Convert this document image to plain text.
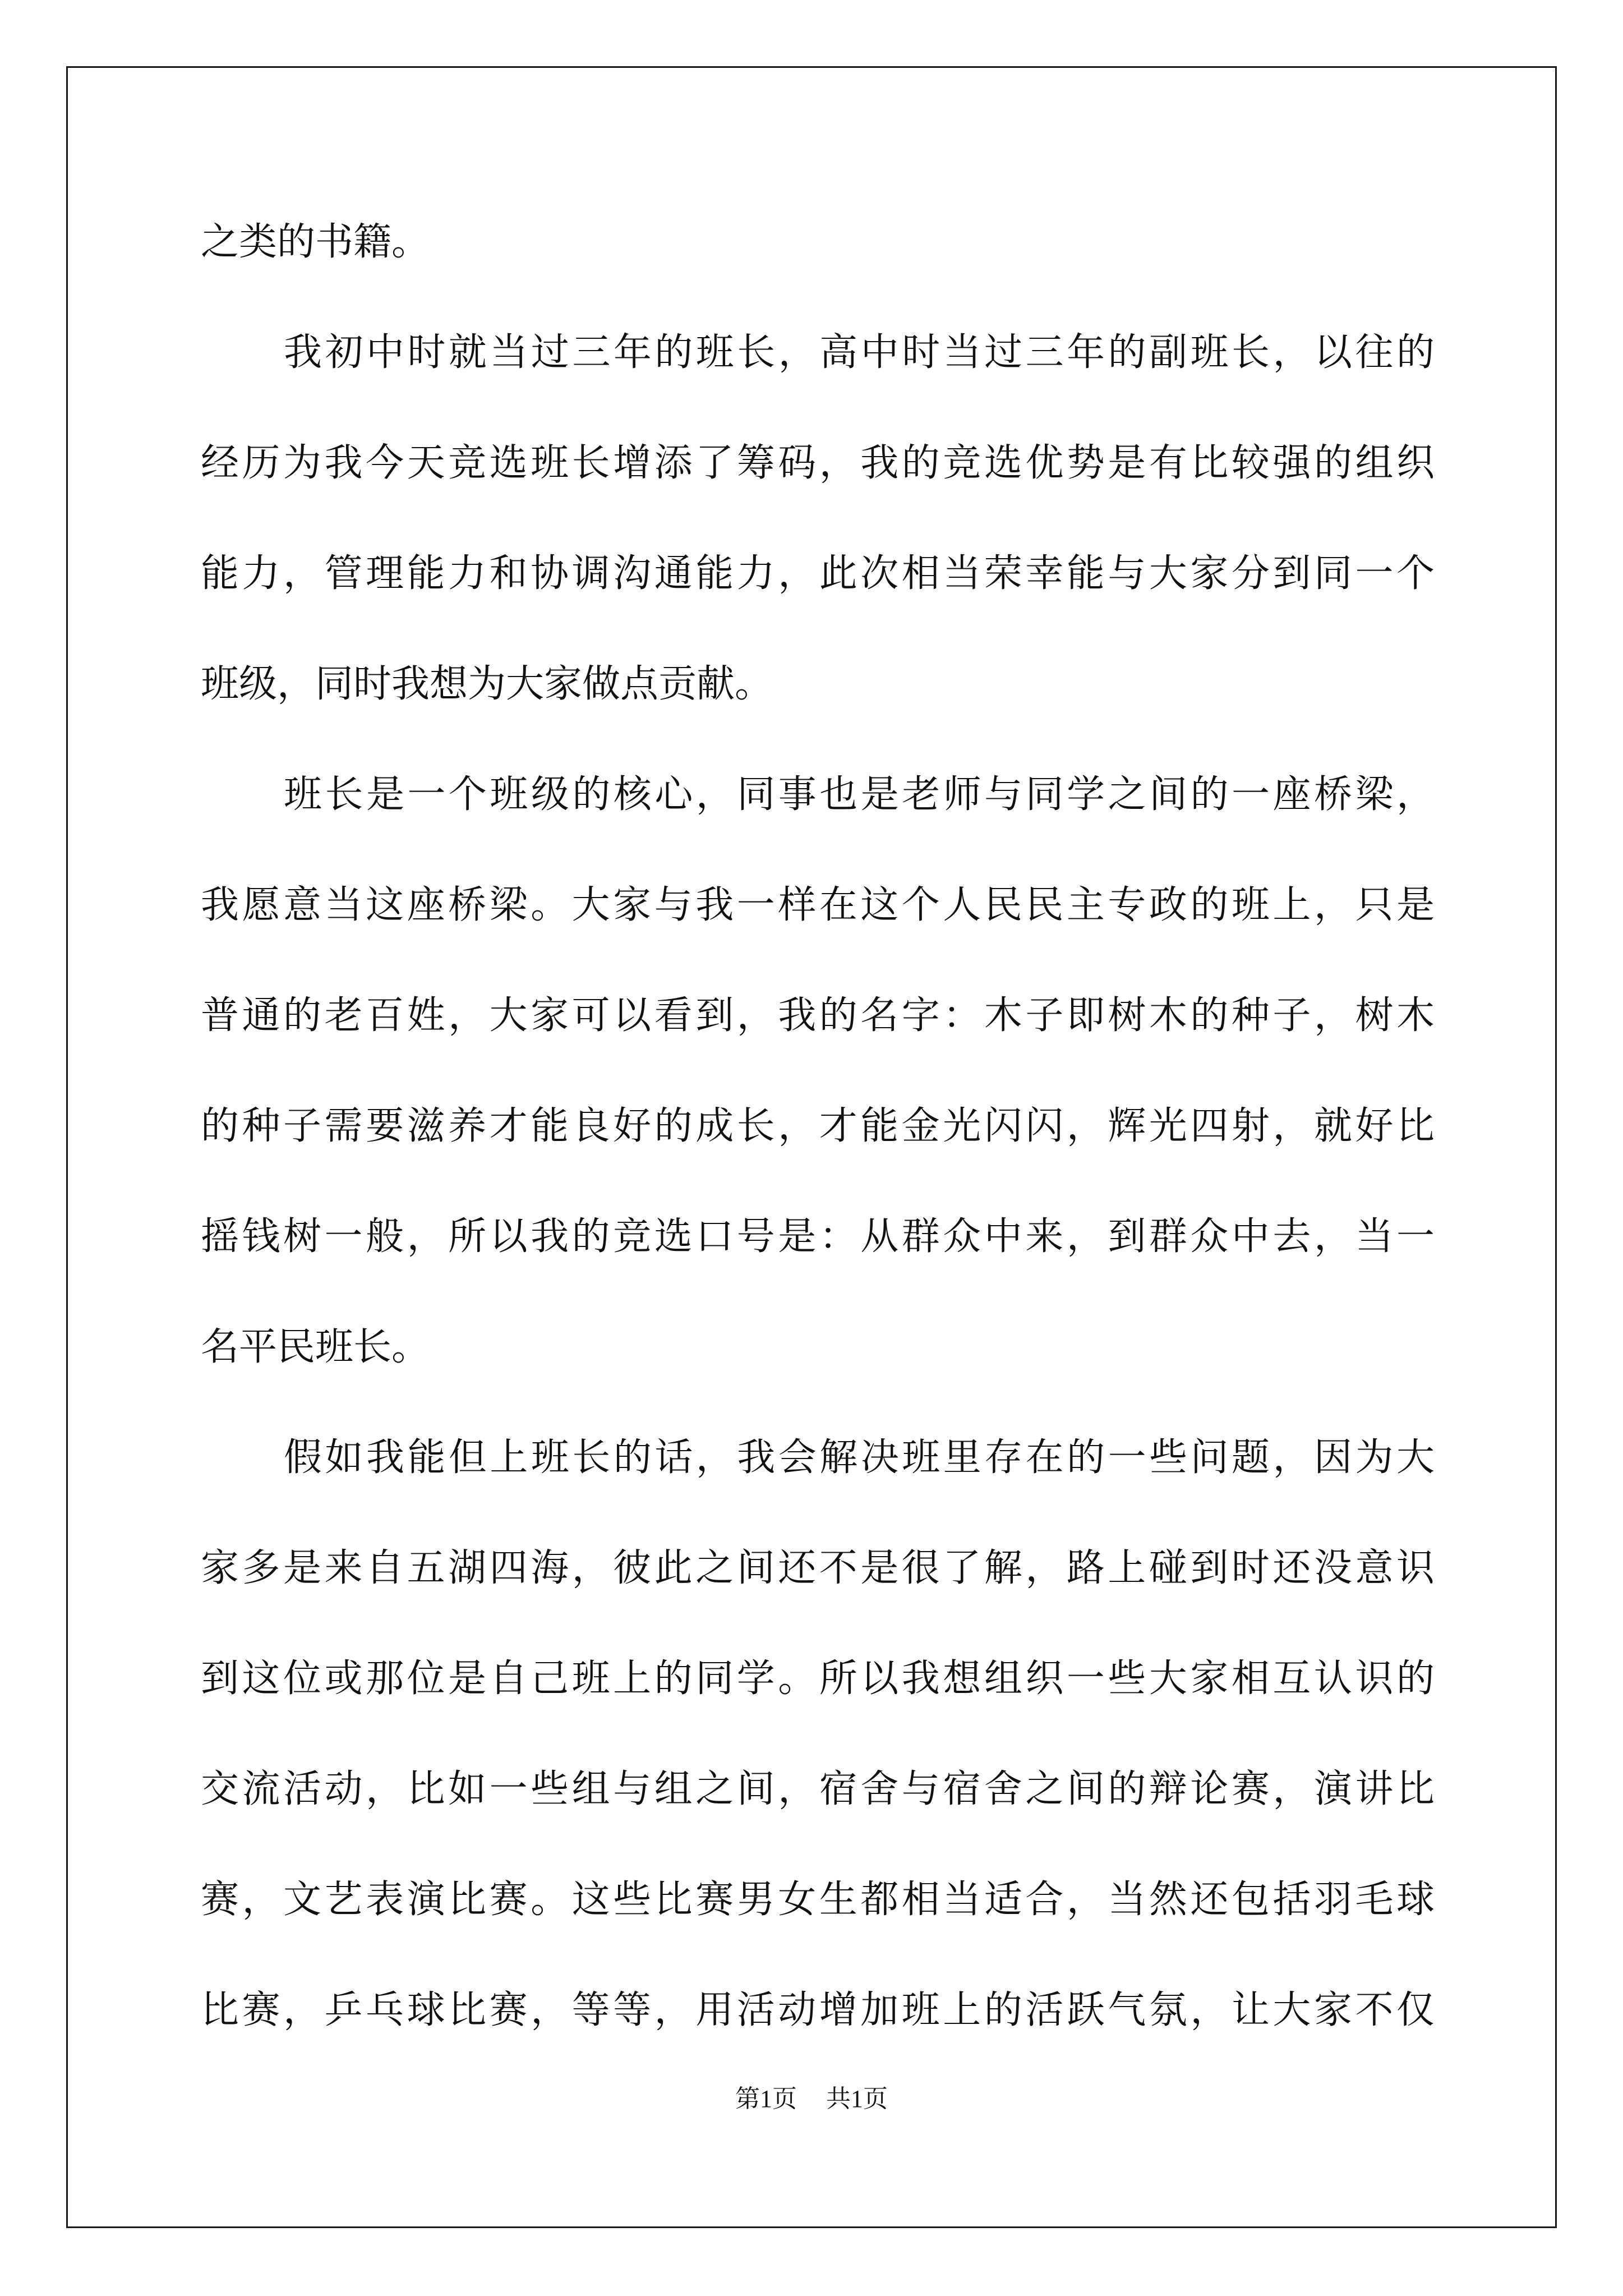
之类的书籍。
我初中时就当过三年的班长，高中时当过三年的副班长，以往的
经历为我今天竞选班长增添了筹码，我的竞选优势是有比较强的组织
能力，管理能力和协调沟通能力，此次相当荣幸能与大家分到同一个
班级，同时我想为大家做点贡献。
班长是一个班级的核心，同事也是老师与同学之间的一座桥梁，
我愿意当这座桥梁。大家与我一样在这个人民民主专政的班上，只是
普通的老百姓，大家可以看到，我的名字：木子即树木的种子，树木
的种子需要滋养才能良好的成长，才能金光闪闪，辉光四射，就好比
摇钱树一般，所以我的竞选口号是：从群众中来，到群众中去，当一
名平民班长。
假如我能但上班长的话，我会解决班里存在的一些问题，因为大
家多是来自五湖四海，彼此之间还不是很了解，路上碰到时还没意识
到这位或那位是自己班上的同学。所以我想组织一些大家相互认识的
交流活动，比如一些组与组之间，宿舍与宿舍之间的辩论赛，演讲比
赛，文艺表演比赛。这些比赛男女生都相当适合，当然还包括羽毛球
比赛，乒乓球比赛，等等，用活动增加班上的活跃气氛，让大家不仅
第1页 共1页
